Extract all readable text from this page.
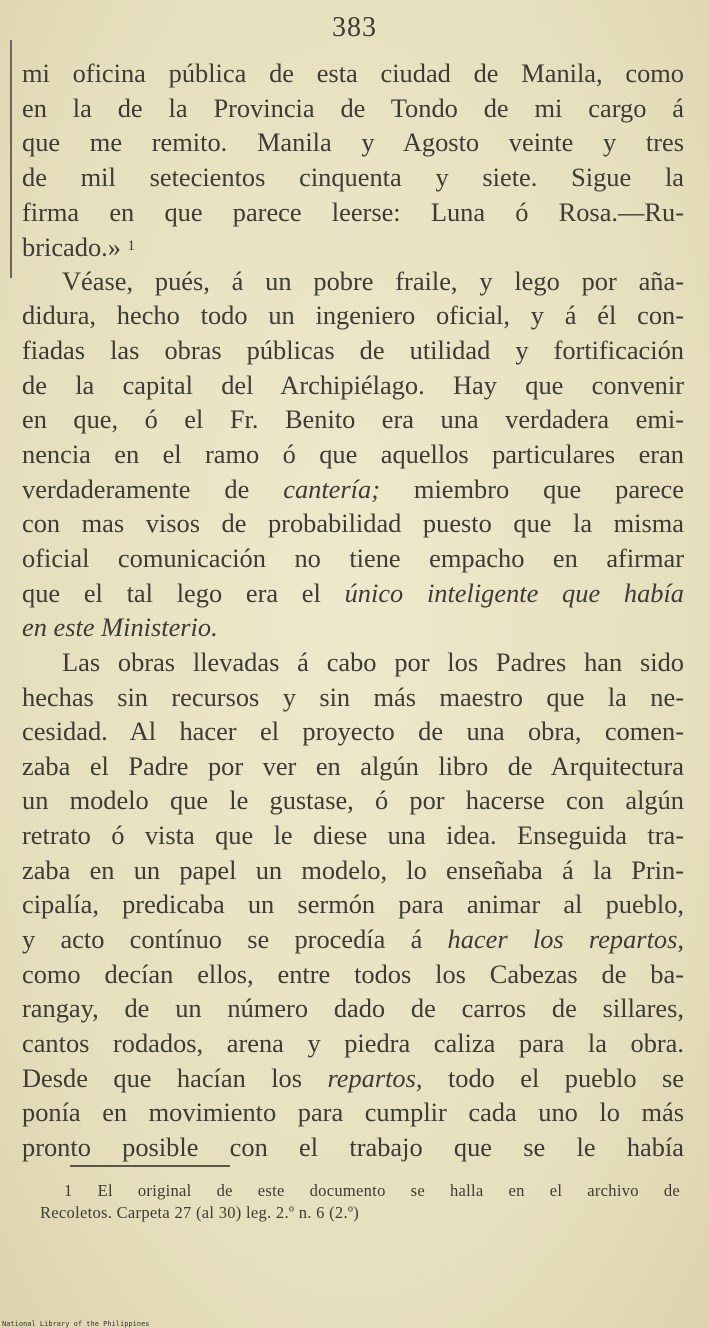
383
mi oficina pública de esta ciudad de Manila, como
en la de la Provincia de Tondo de mi cargo á
que me remito. Manila y Agosto veinte y tres
de mil setecientos cinquenta y siete. Sigue la
firma en que parece leerse: Luna ó Rosa.—Ru-
bricado.» $^1$
Véase, pués, á un pobre fraile, y lego por aña-
didura, hecho todo un ingeniero oficial, y á él con-
fiadas las obras públicas de utilidad y fortificación
de la capital del Archipiélago. Hay que convenir
en que, ó el Fr. Benito era una verdadera emi-
nencia en el ramo ó que aquellos particulares eran
verdaderamente de cantería; miembro que parece
con mas visos de probabilidad puesto que la misma
oficial comunicación no tiene empacho en afirmar
que el tal lego era el único inteligente que había
en este Ministerio.
Las obras llevadas á cabo por los Padres han sido
hechas sin recursos y sin más maestro que la ne-
cesidad. Al hacer el proyecto de una obra, comen-
zaba el Padre por ver en algún libro de Arquitectura
un modelo que le gustase, ó por hacerse con algún
retrato ó vista que le diese una idea. Enseguida tra-
zaba en un papel un modelo, lo enseñaba á la Prin-
cipalía, predicaba un sermón para animar al pueblo,
y acto contínuo se procedía á hacer los repartos,
como decían ellos, entre todos los Cabezas de ba-
rangay, de un número dado de carros de sillares,
cantos rodados, arena y piedra caliza para la obra.
Desde que hacían los repartos, todo el pueblo se
ponía en movimiento para cumplir cada uno lo más
pronto posible con el trabajo que se le había
1 El original de este documento se halla en el archivo de
Recoletos. Carpeta 27 (al 30) leg. 2.º n. 6 (2.º)
National Library of the Philippines
